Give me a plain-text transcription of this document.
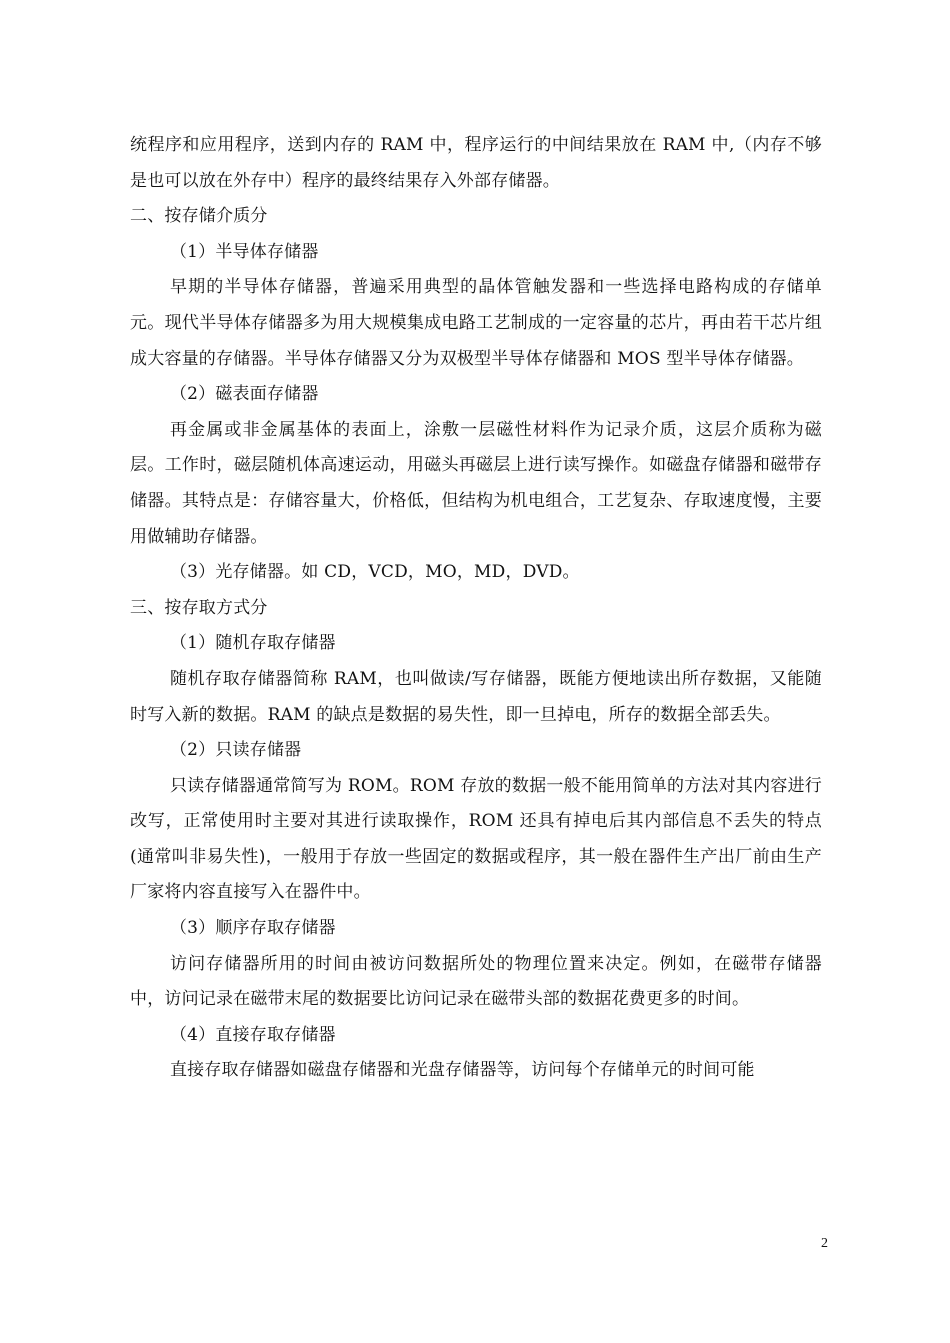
统程序和应用程序，送到内存的 RAM 中，程序运行的中间结果放在 RAM 中,（内存不够是也可以放在外存中）程序的最终结果存入外部存储器。

二、按存储介质分

（1）半导体存储器

早期的半导体存储器，普遍采用典型的晶体管触发器和一些选择电路构成的存储单元。现代半导体存储器多为用大规模集成电路工艺制成的一定容量的芯片，再由若干芯片组成大容量的存储器。半导体存储器又分为双极型半导体存储器和 MOS 型半导体存储器。

（2）磁表面存储器

再金属或非金属基体的表面上，涂敷一层磁性材料作为记录介质，这层介质称为磁层。工作时，磁层随机体高速运动，用磁头再磁层上进行读写操作。如磁盘存储器和磁带存储器。其特点是：存储容量大，价格低，但结构为机电组合，工艺复杂、存取速度慢，主要用做辅助存储器。

（3）光存储器。如 CD，VCD，MO，MD，DVD。

三、按存取方式分

（1）随机存取存储器

随机存取存储器简称 RAM，也叫做读/写存储器，既能方便地读出所存数据，又能随时写入新的数据。RAM 的缺点是数据的易失性，即一旦掉电，所存的数据全部丢失。

（2）只读存储器

只读存储器通常简写为 ROM。ROM 存放的数据一般不能用简单的方法对其内容进行改写，正常使用时主要对其进行读取操作，ROM 还具有掉电后其内部信息不丢失的特点(通常叫非易失性)，一般用于存放一些固定的数据或程序，其一般在器件生产出厂前由生产厂家将内容直接写入在器件中。

（3）顺序存取存储器

访问存储器所用的时间由被访问数据所处的物理位置来决定。例如，在磁带存储器中，访问记录在磁带末尾的数据要比访问记录在磁带头部的数据花费更多的时间。

（4）直接存取存储器

直接存取存储器如磁盘存储器和光盘存储器等，访问每个存储单元的时间可能

2
